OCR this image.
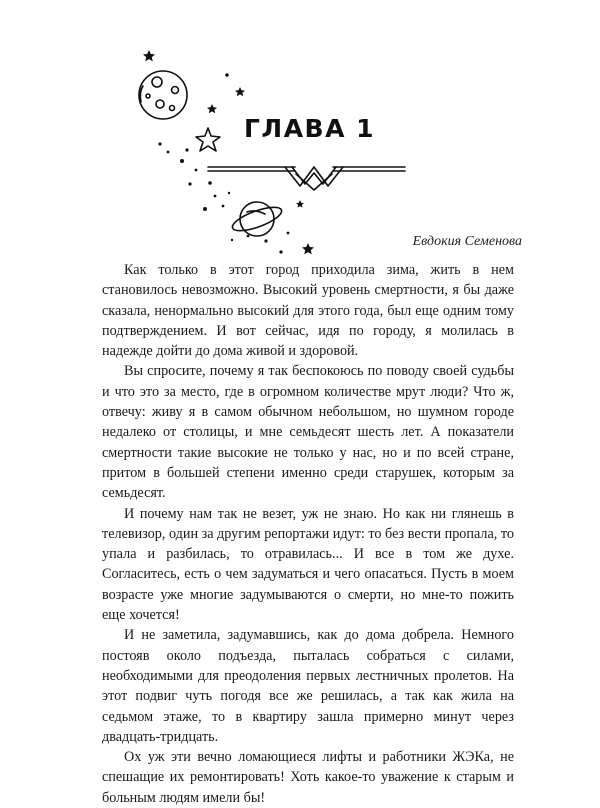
ГЛАВА 1
Евдокия Семенова

Как только в этот город приходила зима, жить в нем становилось невозможно. Высокий уровень смертности, я бы даже сказала, ненормально высокий для этого года, был еще одним тому подтверждением. И вот сейчас, идя по городу, я молилась в надежде дойти до дома живой и здоровой.

Вы спросите, почему я так беспокоюсь по поводу своей судьбы и что это за место, где в огромном количестве мрут люди? Что ж, отвечу: живу я в самом обычном небольшом, но шумном городе недалеко от столицы, и мне семьдесят шесть лет. А показатели смертности такие высокие не только у нас, но и по всей стране, притом в большей степени именно среди старушек, которым за семьдесят.

И почему нам так не везет, уж не знаю. Но как ни глянешь в телевизор, один за другим репортажи идут: то без вести пропала, то упала и разбилась, то отравилась... И все в том же духе. Согласитесь, есть о чем задуматься и чего опасаться. Пусть в моем возрасте уже многие задумываются о смерти, но мне-то пожить еще хочется!

И не заметила, задумавшись, как до дома добрела. Немного постояв около подъезда, пыталась собраться с силами, необходимыми для преодоления первых лестничных пролетов. На этот подвиг чуть погодя все же решилась, а так как жила на седьмом этаже, то в квартиру зашла примерно минут через двадцать-тридцать.

Ох уж эти вечно ломающиеся лифты и работники ЖЭКа, не спешащие их ремонтировать! Хоть какое-то уважение к старым и больным людям имели бы!
